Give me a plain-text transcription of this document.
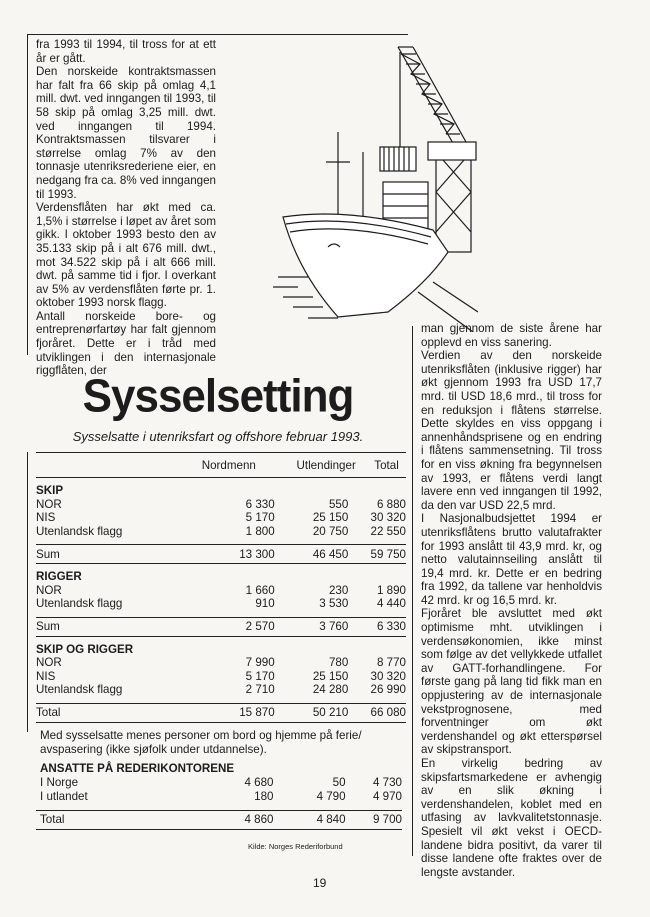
fra 1993 til 1994, til tross for at ett år er gått.

Den norskeide kontraktsmassen har falt fra 66 skip på omlag 4,1 mill. dwt. ved inngangen til 1993, til 58 skip på omlag 3,25 mill. dwt. ved inngangen til 1994. Kontraktsmassen tilsvarer i størrelse omlag 7% av den tonnasje utenriksrederiene eier, en nedgang fra ca. 8% ved inngangen til 1993.

Verdensflåten har økt med ca. 1,5% i størrelse i løpet av året som gikk. I oktober 1993 besto den av 35.133 skip på i alt 676 mill. dwt., mot 34.522 skip på i alt 666 mill. dwt. på samme tid i fjor. I overkant av 5% av verdensflåten førte pr. 1. oktober 1993 norsk flagg.

Antall norskeide bore- og entreprenørfartøy har falt gjennom fjoråret. Dette er i tråd med utviklingen i den internasjonale riggflåten, der

Sysselsetting
Sysselsatte i utenriksfart og offshore februar 1993.
Nordmenn	Utlendinger	Total
SKIP
NOR	6 330	550	6 880
NIS	5 170	25 150	30 320
Utenlandsk flagg	1 800	20 750	22 550
Sum	13 300	46 450	59 750
RIGGER
NOR	1 660	230	1 890
Utenlandsk flagg	910	3 530	4 440
Sum	2 570	3 760	6 330
SKIP OG RIGGER
NOR	7 990	780	8 770
NIS	5 170	25 150	30 320
Utenlandsk flagg	2 710	24 280	26 990
Total	15 870	50 210	66 080
Med sysselsatte menes personer om bord og hjemme på ferie/ avspasering (ikke sjøfolk under utdannelse).
ANSATTE PÅ REDERIKONTORENE
I Norge	4 680	50	4 730
I utlandet	180	4 790	4 970
Total	4 860	4 840	9 700
Kilde: Norges Rederiforbund

man gjennom de siste årene har opplevd en viss sanering.

Verdien av den norskeide utenriksflåten (inklusive rigger) har økt gjennom 1993 fra USD 17,7 mrd. til USD 18,6 mrd., til tross for en reduksjon i flåtens størrelse. Dette skyldes en viss oppgang i annenhåndsprisene og en endring i flåtens sammensetning. Til tross for en viss økning fra begynnelsen av 1993, er flåtens verdi langt lavere enn ved inngangen til 1992, da den var USD 22,5 mrd.

I Nasjonalbudsjettet 1994 er utenriksflåtens brutto valutafrakter for 1993 anslått til 43,9 mrd. kr, og netto valutainnseiling anslått til 19,4 mrd. kr. Dette er en bedring fra 1992, da tallene var henholdvis 42 mrd. kr og 16,5 mrd. kr.

Fjoråret ble avsluttet med økt optimisme mht. utviklingen i verdensøkonomien, ikke minst som følge av det vellykkede utfallet av GATT-forhandlingene. For første gang på lang tid fikk man en oppjustering av de internasjonale vekstprognosene, med forventninger om økt verdenshandel og økt etterspørsel av skipstransport.

En virkelig bedring av skipsfartsmarkedene er avhengig av en slik økning i verdenshandelen, koblet med en utfasing av lavkvalitetstonnasje. Spesielt vil økt vekst i OECD-landene bidra positivt, da varer til disse landene ofte fraktes over de lengste avstander.

19
